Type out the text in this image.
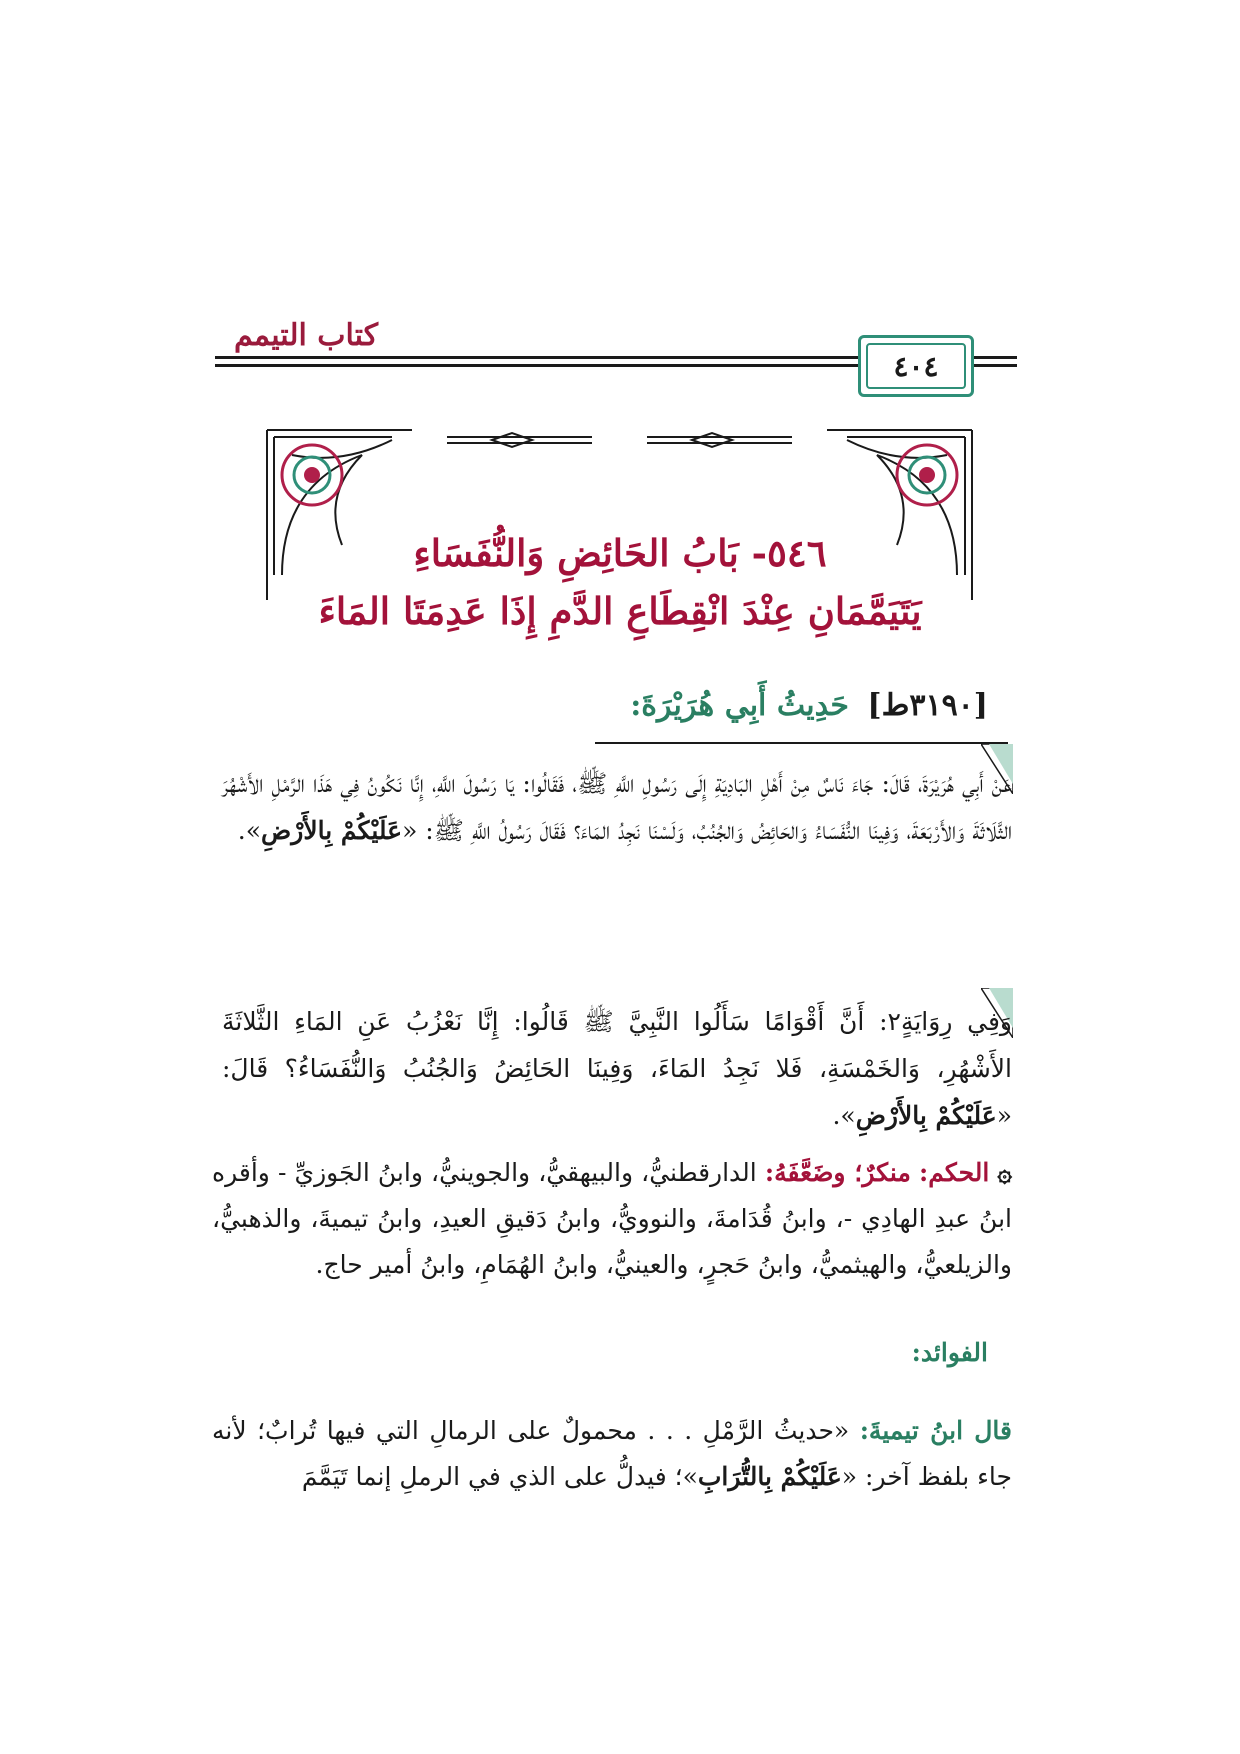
كتاب التيمم
٤٠٤
٥٤٦- بَابُ الحَائِضِ وَالنُّفَسَاءِ
يَتَيَمَّمَانِ عِنْدَ انْقِطَاعِ الدَّمِ إِذَا عَدِمَتَا المَاءَ
[٣١٩٠ط] حَدِيثُ أَبِي هُرَيْرَةَ:
عَنْ أَبِي هُرَيْرَةَ، قَالَ: جَاءَ نَاسٌ مِنْ أَهْلِ البَادِيَةِ إِلَى رَسُولِ اللَّهِ ﷺ، فَقَالُوا: يَا رَسُولَ اللَّهِ، إِنَّا نَكُونُ فِي هَذَا الرَّمْلِ الأَشْهُرَ الثَّلَاثَةَ وَالأَرْبَعَةَ، وَفِينَا النُّفَسَاءُ وَالحَائِضُ وَالجُنُبُ، وَلَسْنَا نَجِدُ المَاءَ؟ فَقَالَ رَسُولُ اللَّهِ ﷺ: «عَلَيْكُمْ بِالأَرْضِ».
وَفِي رِوَايَةٍ٢: أَنَّ أَقْوَامًا سَأَلُوا النَّبِيَّ ﷺ قَالُوا: إِنَّا نَعْزُبُ عَنِ المَاءِ الثَّلاثَةَ الأَشْهُرِ، وَالخَمْسَةِ، فَلا نَجِدُ المَاءَ، وَفِينَا الحَائِضُ وَالجُنُبُ وَالنُّفَسَاءُ؟ قَالَ: «عَلَيْكُمْ بِالأَرْضِ».
۞الحكم: منكرٌ؛ وضَعَّفَهُ: الدارقطنيُّ، والبيهقيُّ، والجوينيُّ، وابنُ الجَوزيِّ - وأقره ابنُ عبدِ الهادِي -، وابنُ قُدَامةَ، والنوويُّ، وابنُ دَقيقِ العيدِ، وابنُ تيميةَ، والذهبيُّ، والزيلعيُّ، والهيثميُّ، وابنُ حَجرٍ، والعينيُّ، وابنُ الهُمَامِ، وابنُ أمير حاج.
الفوائد:
قال ابنُ تيميةَ: «حديثُ الرَّمْلِ . . . محمولٌ على الرمالِ التي فيها تُرابٌ؛ لأنه جاء بلفظ آخر: «عَلَيْكُمْ بِالتُّرَابِ»؛ فيدلُّ على الذي في الرملِ إنما تَيَمَّمَ
